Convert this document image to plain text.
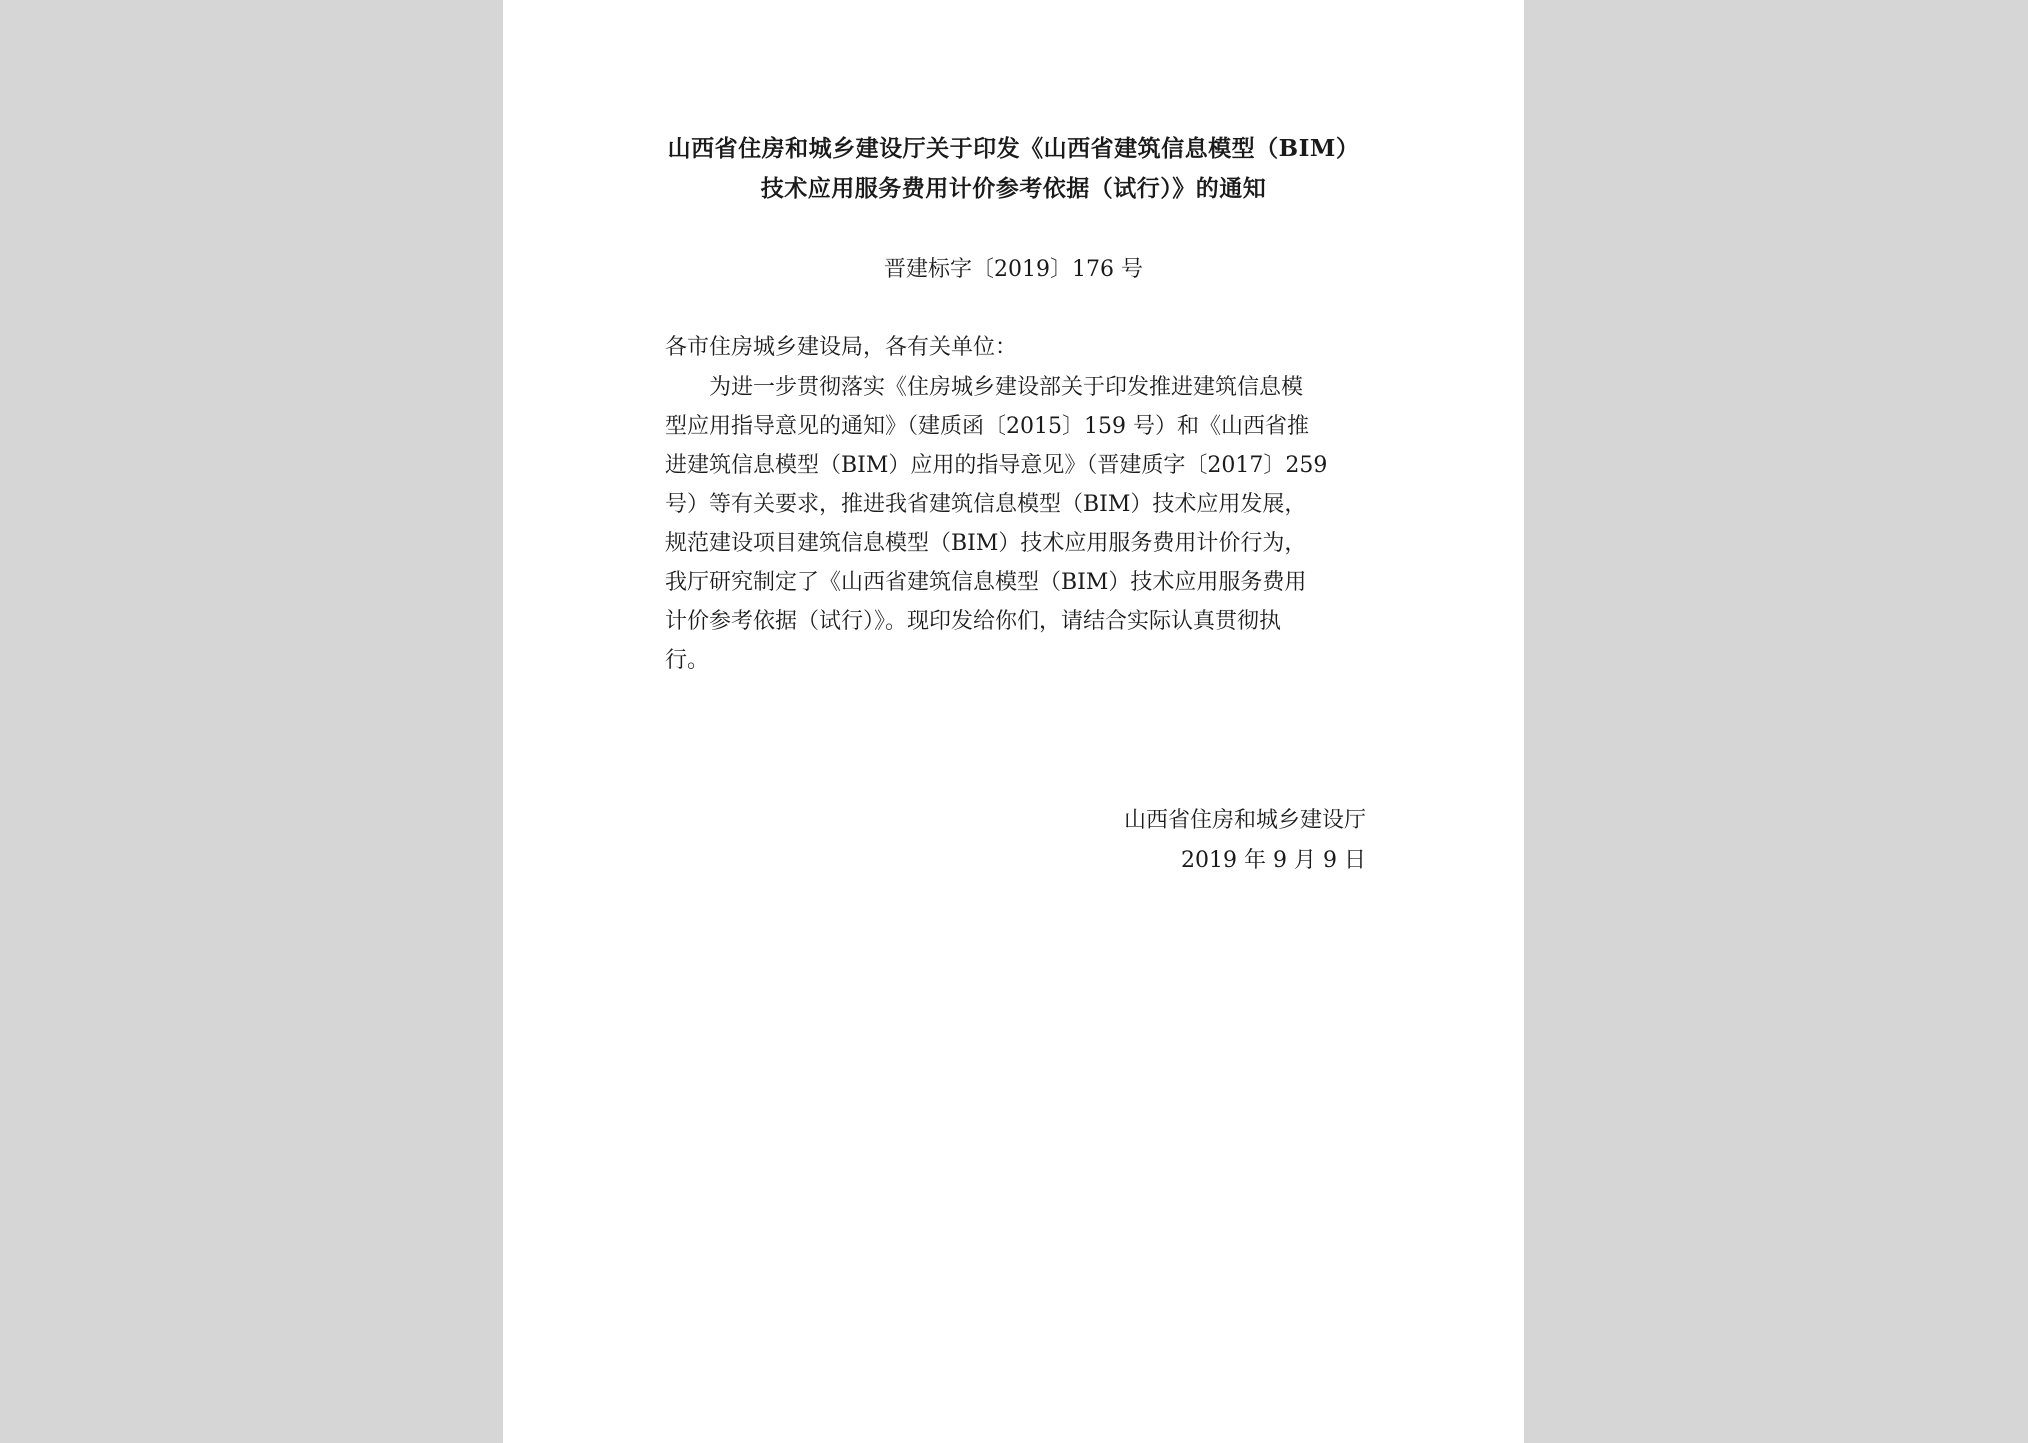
山西省住房和城乡建设厅关于印发《山西省建筑信息模型（BIM）
技术应用服务费用计价参考依据（试行）》的通知
晋建标字〔2019〕176 号
各市住房城乡建设局，各有关单位：
　　为进一步贯彻落实《住房城乡建设部关于印发推进建筑信息模
型应用指导意见的通知》（建质函〔2015〕159 号）和《山西省推
进建筑信息模型（BIM）应用的指导意见》（晋建质字〔2017〕259
号）等有关要求，推进我省建筑信息模型（BIM）技术应用发展，
规范建设项目建筑信息模型（BIM）技术应用服务费用计价行为，
我厅研究制定了《山西省建筑信息模型（BIM）技术应用服务费用
计价参考依据（试行）》。现印发给你们，请结合实际认真贯彻执
行。
山西省住房和城乡建设厅
2019 年 9 月 9 日
